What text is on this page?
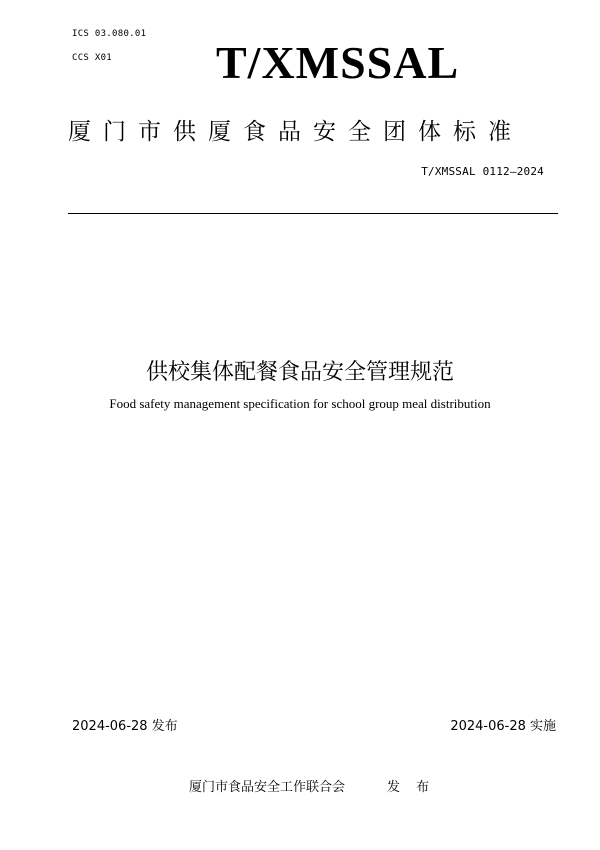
ICS 03.080.01
CCS X01 T/XMSSAL
厦门市供厦食品安全团体标准
T/XMSSAL 0112—2024
供校集体配餐食品安全管理规范
Food safety management specification for school group meal distribution
2024-06-28 发布	2024-06-28 实施
厦门市食品安全工作联合会	发 布
